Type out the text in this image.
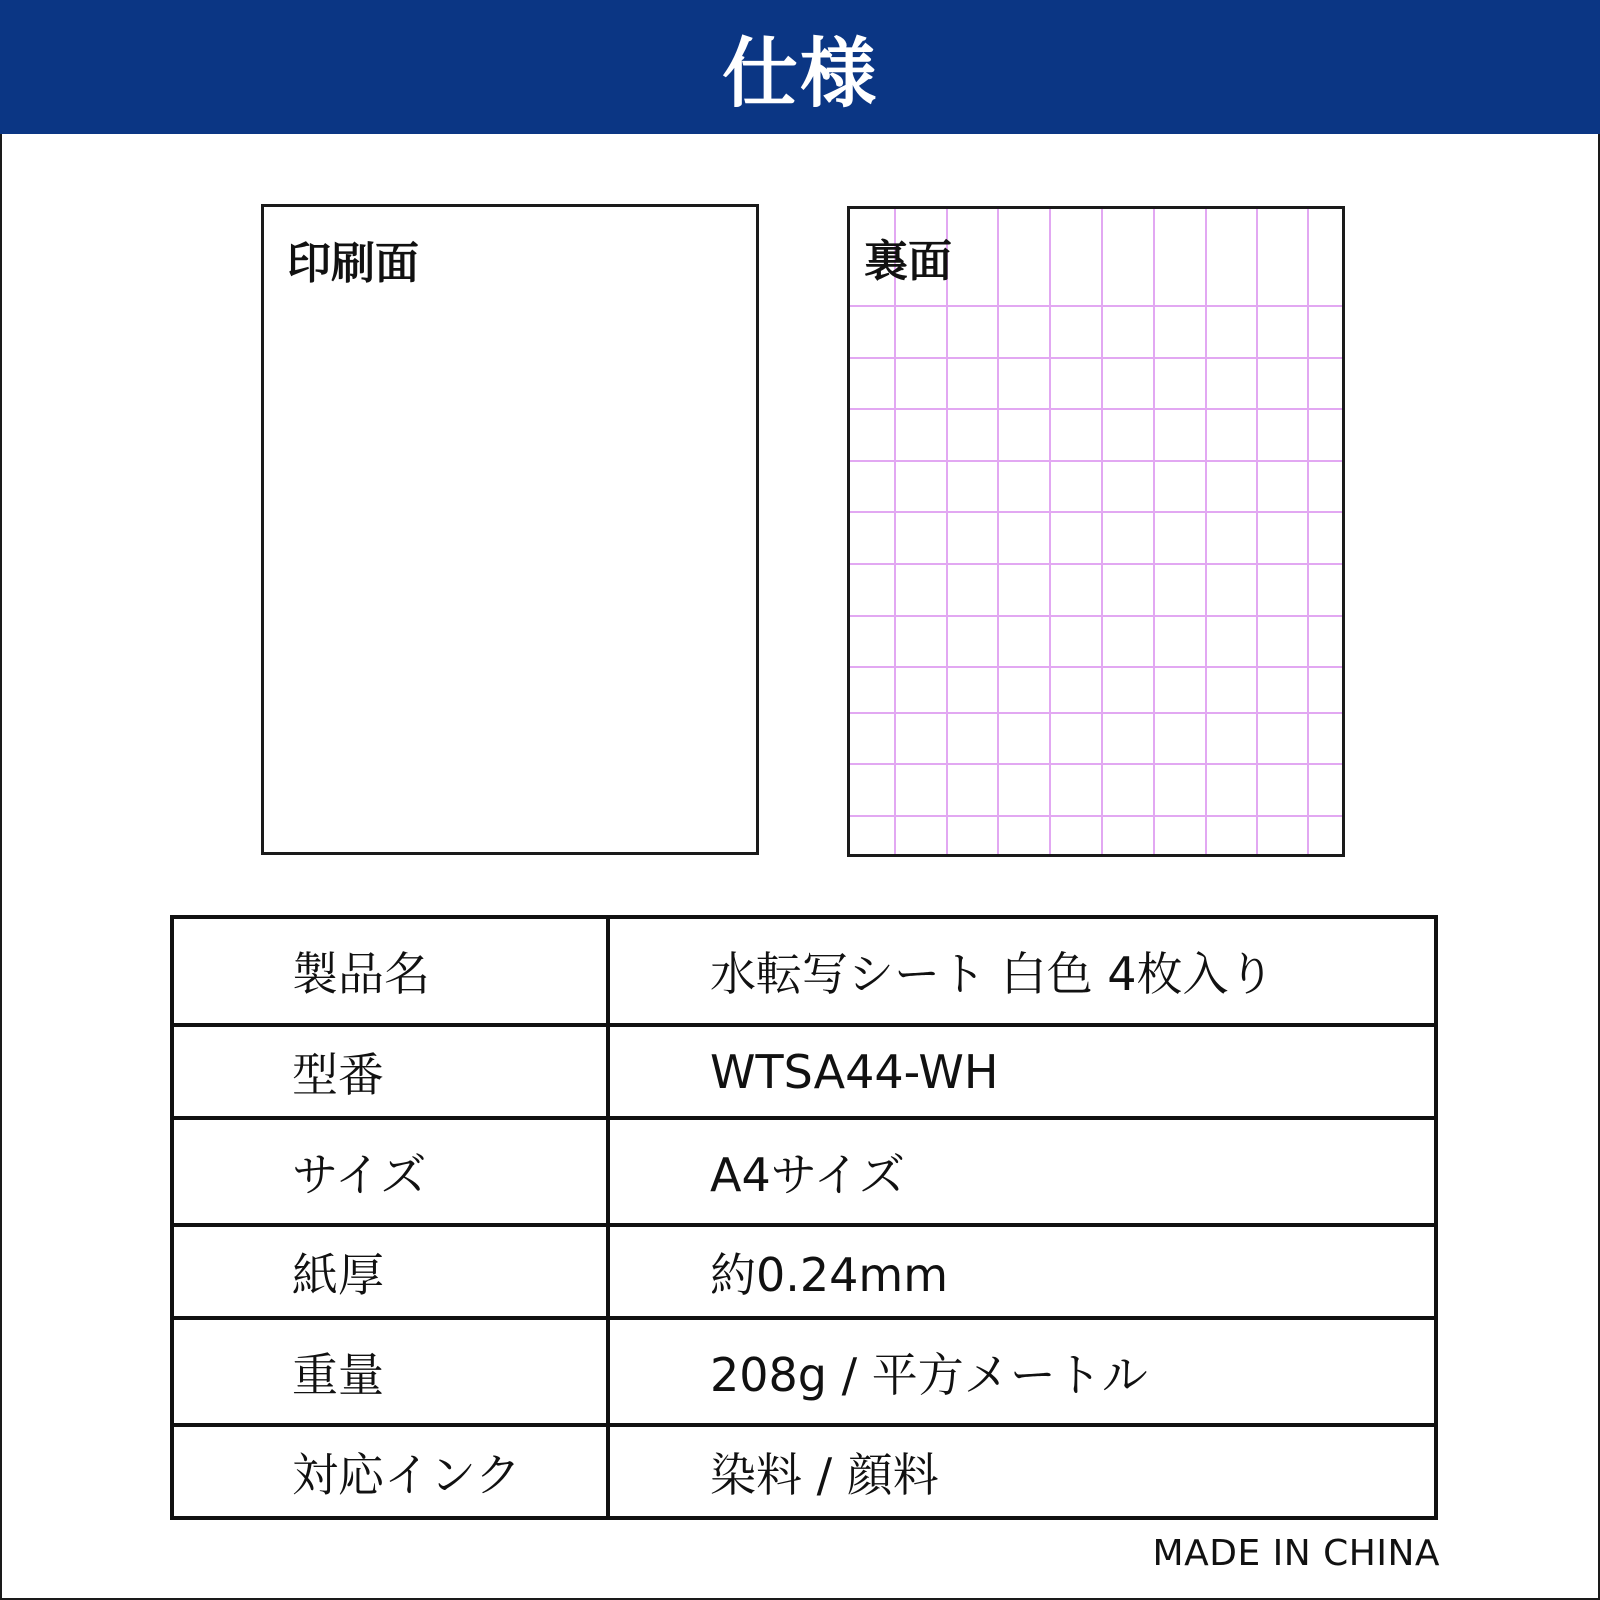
仕様
印刷面	裏面
製品名	水転写シート 白色 4枚入り
型番	WTSA44-WH
サイズ	A4サイズ
紙厚	約0.24mm
重量	208g / 平方メートル
対応インク	染料 / 顔料
MADE IN CHINA
